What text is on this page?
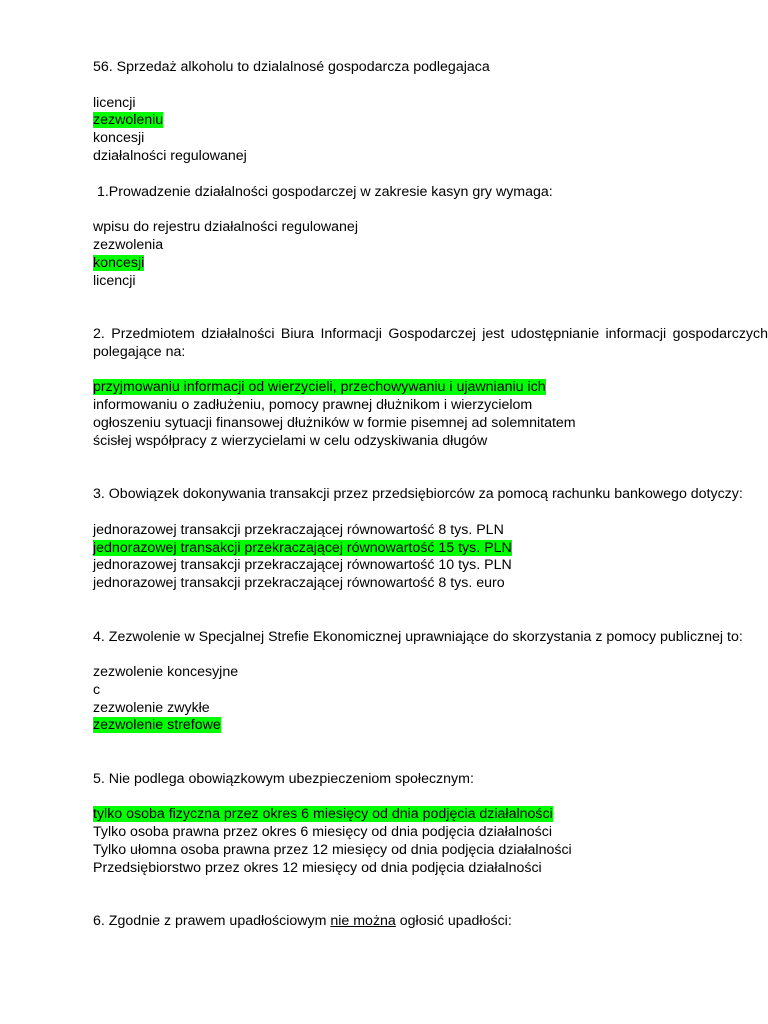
56. Sprzedaż alkoholu to dzialalnosé gospodarcza podlegajaca
licencji
zezwoleniu
koncesji
działalności regulowanej
1.Prowadzenie działalności gospodarczej w zakresie kasyn gry wymaga:
wpisu do rejestru działalności regulowanej
zezwolenia
koncesji
licencji
2. Przedmiotem działalności Biura Informacji Gospodarczej jest udostępnianie informacji gospodarczych polegające na:
przyjmowaniu informacji od wierzycieli, przechowywaniu i ujawnianiu ich
informowaniu o zadłużeniu, pomocy prawnej dłużnikom i wierzycielom
ogłoszeniu sytuacji finansowej dłużników w formie pisemnej ad solemnitatem
ścisłej współpracy z wierzycielami w celu odzyskiwania długów
3. Obowiązek dokonywania transakcji przez przedsiębiorców za pomocą rachunku bankowego dotyczy:
jednorazowej transakcji przekraczającej równowartość 8 tys. PLN
jednorazowej transakcji przekraczającej równowartość 15 tys. PLN
jednorazowej transakcji przekraczającej równowartość 10 tys. PLN
jednorazowej transakcji przekraczającej równowartość 8 tys. euro
4. Zezwolenie w Specjalnej Strefie Ekonomicznej uprawniające do skorzystania z pomocy publicznej to:
zezwolenie koncesyjne
c
zezwolenie zwykłe
zezwolenie strefowe
5. Nie podlega obowiązkowym ubezpieczeniom społecznym:
tylko osoba fizyczna przez okres 6 miesięcy od dnia podjęcia działalności
Tylko osoba prawna przez okres 6 miesięcy od dnia podjęcia działalności
Tylko ułomna osoba prawna przez 12 miesięcy od dnia podjęcia działalności
Przedsiębiorstwo przez okres 12 miesięcy od dnia podjęcia działalności
6. Zgodnie z prawem upadłościowym nie można ogłosić upadłości:
